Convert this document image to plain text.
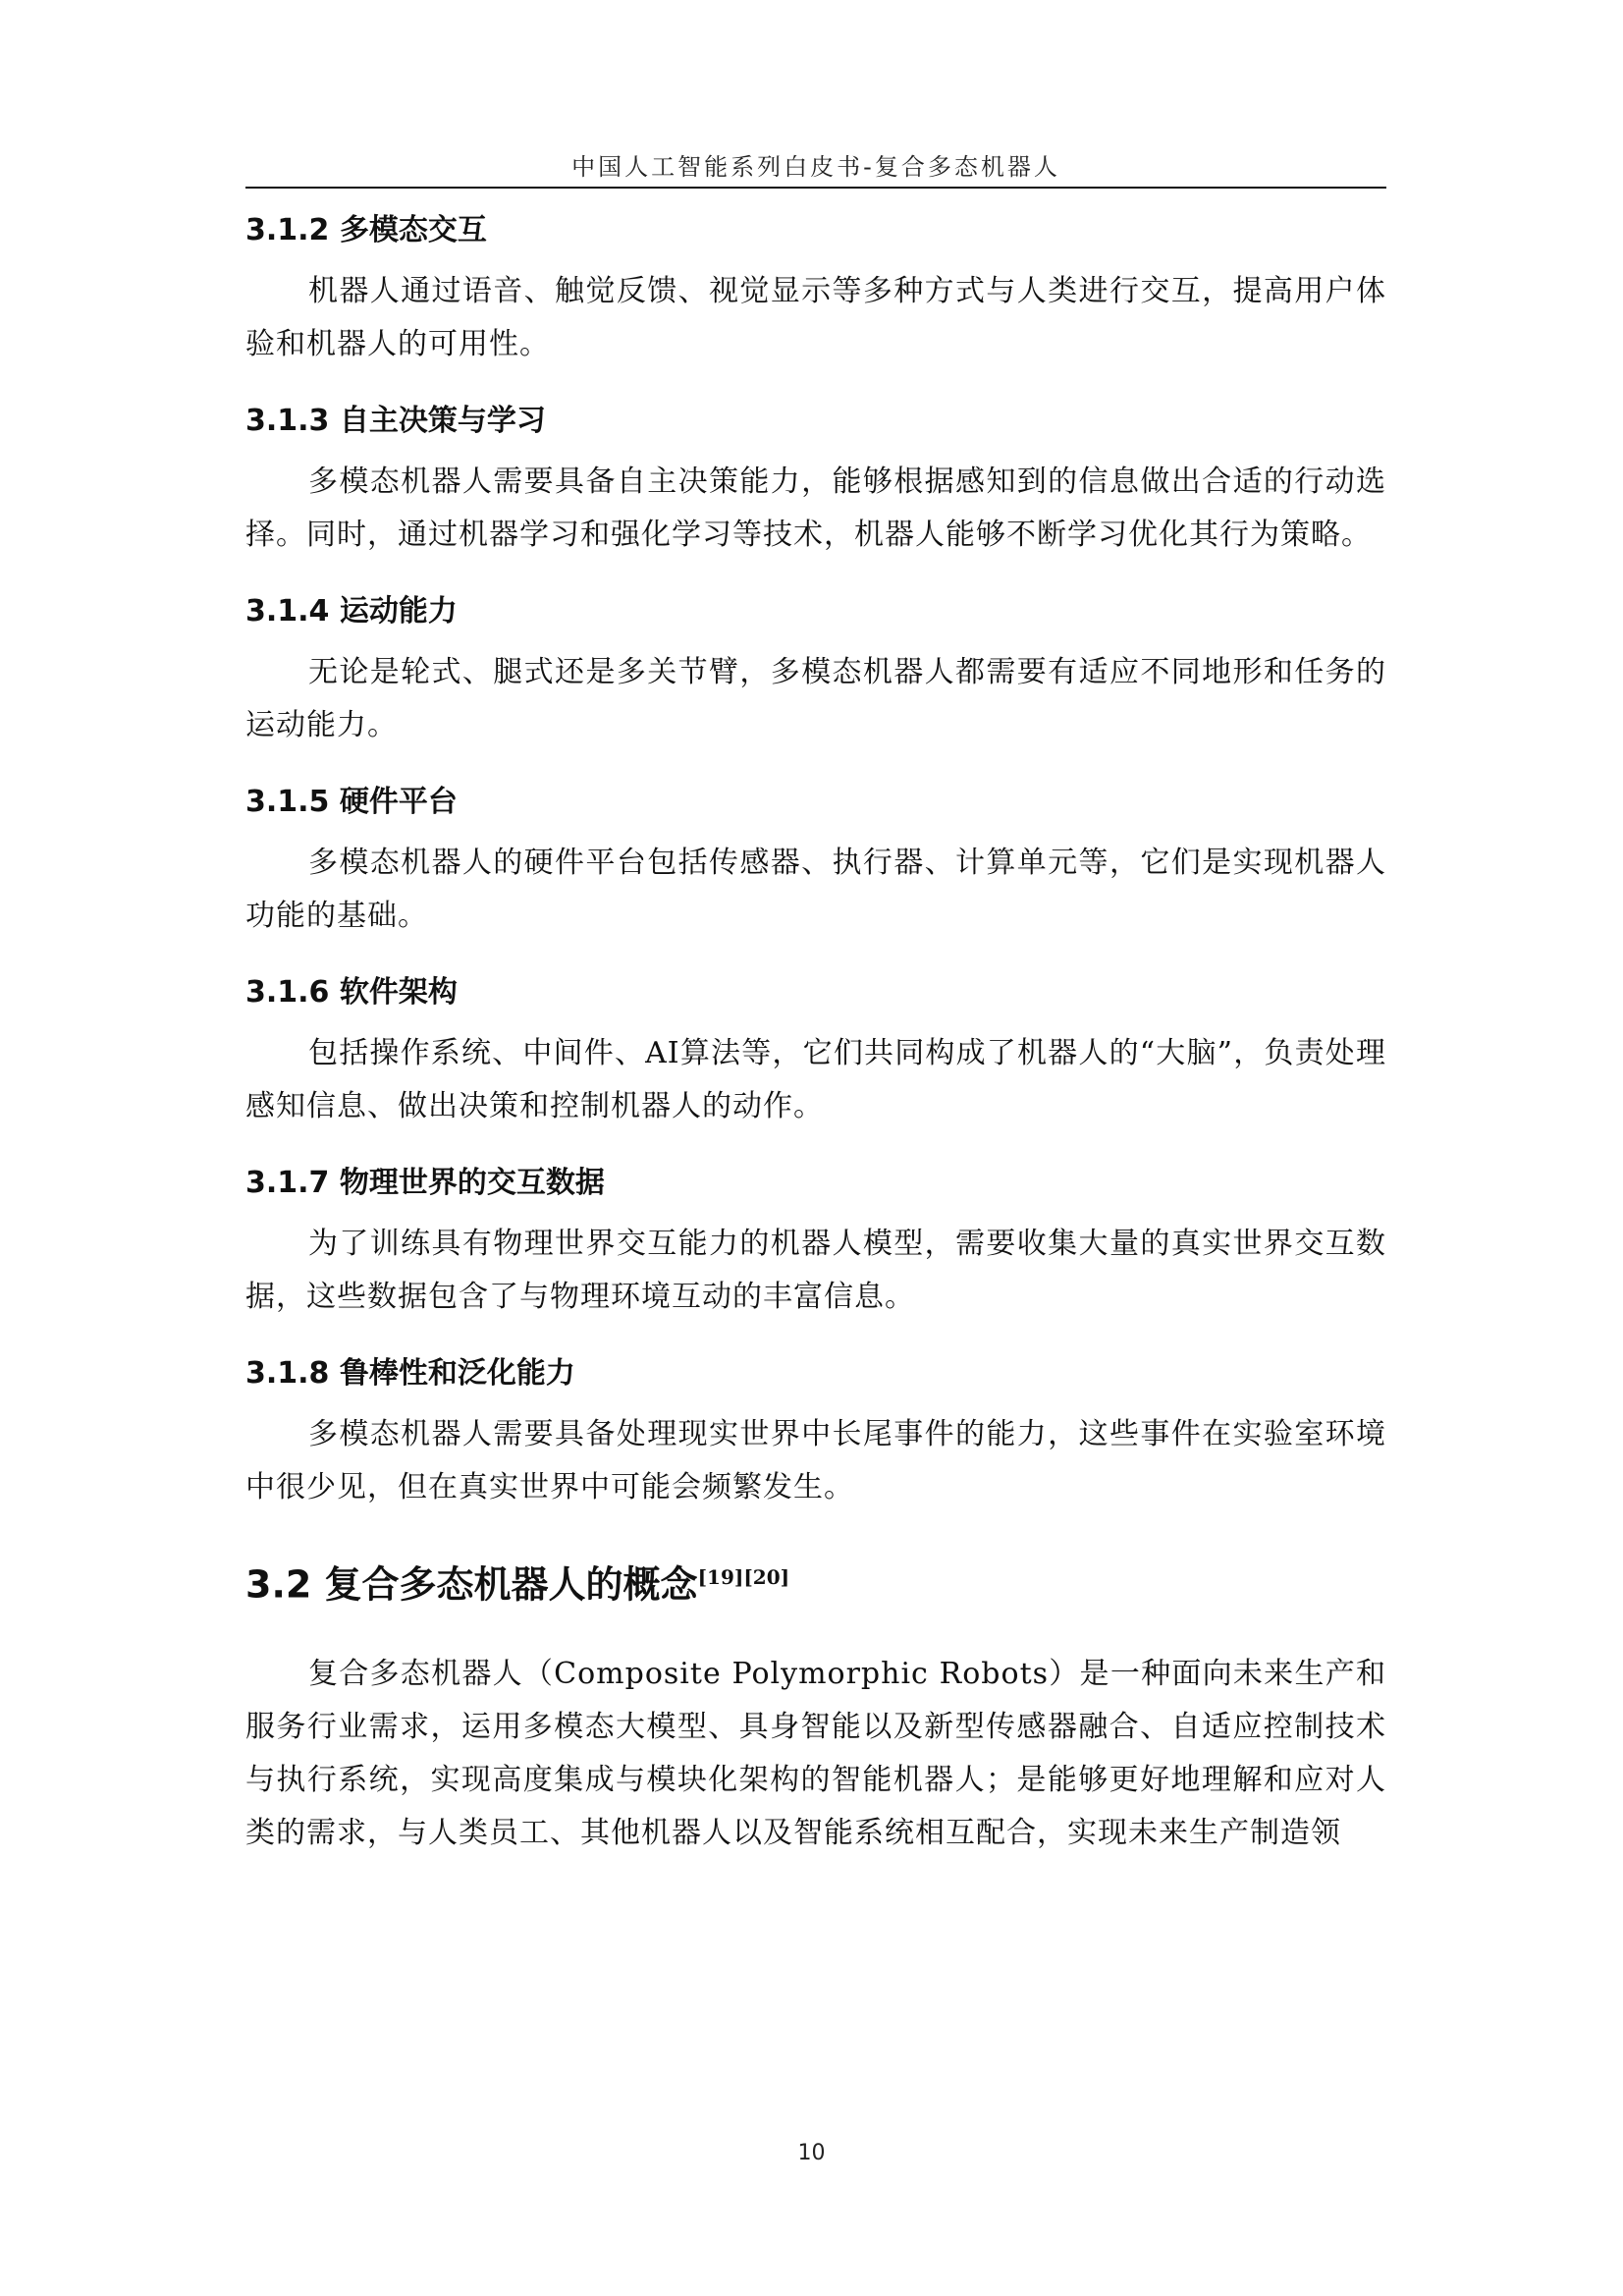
中国人工智能系列白皮书-复合多态机器人
3.1.2 多模态交互

机器人通过语音、触觉反馈、视觉显示等多种方式与人类进行交互，提高用户体验和机器人的可用性。

3.1.3 自主决策与学习

多模态机器人需要具备自主决策能力，能够根据感知到的信息做出合适的行动选择。同时，通过机器学习和强化学习等技术，机器人能够不断学习优化其行为策略。

3.1.4 运动能力

无论是轮式、腿式还是多关节臂，多模态机器人都需要有适应不同地形和任务的运动能力。

3.1.5 硬件平台

多模态机器人的硬件平台包括传感器、执行器、计算单元等，它们是实现机器人功能的基础。

3.1.6 软件架构

包括操作系统、中间件、AI算法等，它们共同构成了机器人的“大脑”，负责处理感知信息、做出决策和控制机器人的动作。

3.1.7 物理世界的交互数据

为了训练具有物理世界交互能力的机器人模型，需要收集大量的真实世界交互数据，这些数据包含了与物理环境互动的丰富信息。

3.1.8 鲁棒性和泛化能力

多模态机器人需要具备处理现实世界中长尾事件的能力，这些事件在实验室环境中很少见，但在真实世界中可能会频繁发生。

3.2 复合多态机器人的概念[19][20]

复合多态机器人（Composite Polymorphic Robots）是一种面向未来生产和服务行业需求，运用多模态大模型、具身智能以及新型传感器融合、自适应控制技术与执行系统，实现高度集成与模块化架构的智能机器人；是能够更好地理解和应对人类的需求，与人类员工、其他机器人以及智能系统相互配合，实现未来生产制造领

10
